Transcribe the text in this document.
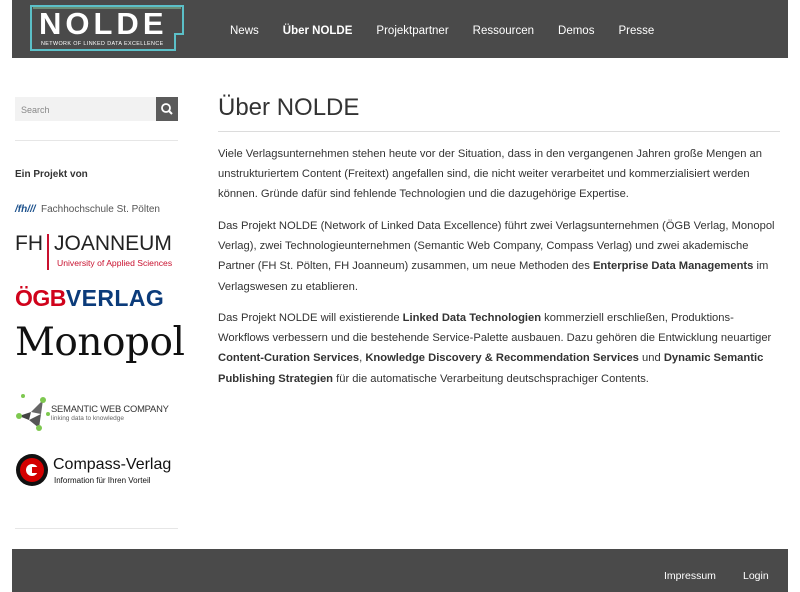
NOLDE
NETWORK OF LINKED DATA EXCELLENCE
News Über NOLDE Projektpartner Ressourcen Demos Presse
Search
Ein Projekt von
/fh/// Fachhochschule St. Pölten
FH JOANNEUM
University of Applied Sciences
ÖGBVERLAG
Monopol
SEMANTIC WEB COMPANY
linking data to knowledge
Compass-Verlag
Information für Ihren Vorteil
Über NOLDE

Viele Verlagsunternehmen stehen heute vor der Situation, dass in den vergangenen Jahren große Mengen an unstrukturiertem Content (Freitext) angefallen sind, die nicht weiter verarbeitet und kommerzialisiert werden können. Gründe dafür sind fehlende Technologien und die dazugehörige Expertise.

Das Projekt NOLDE (Network of Linked Data Excellence) führt zwei Verlagsunternehmen (ÖGB Verlag, Monopol Verlag), zwei Technologieunternehmen (Semantic Web Company, Compass Verlag) und zwei akademische Partner (FH St. Pölten, FH Joanneum) zusammen, um neue Methoden des Enterprise Data Managements im Verlagswesen zu etablieren.

Das Projekt NOLDE will existierende Linked Data Technologien kommerziell erschließen, Produktions-Workflows verbessern und die bestehende Service-Palette ausbauen. Dazu gehören die Entwicklung neuartiger Content-Curation Services, Knowledge Discovery & Recommendation Services und Dynamic Semantic Publishing Strategien für die automatische Verarbeitung deutschsprachiger Contents.

Impressum	Login
